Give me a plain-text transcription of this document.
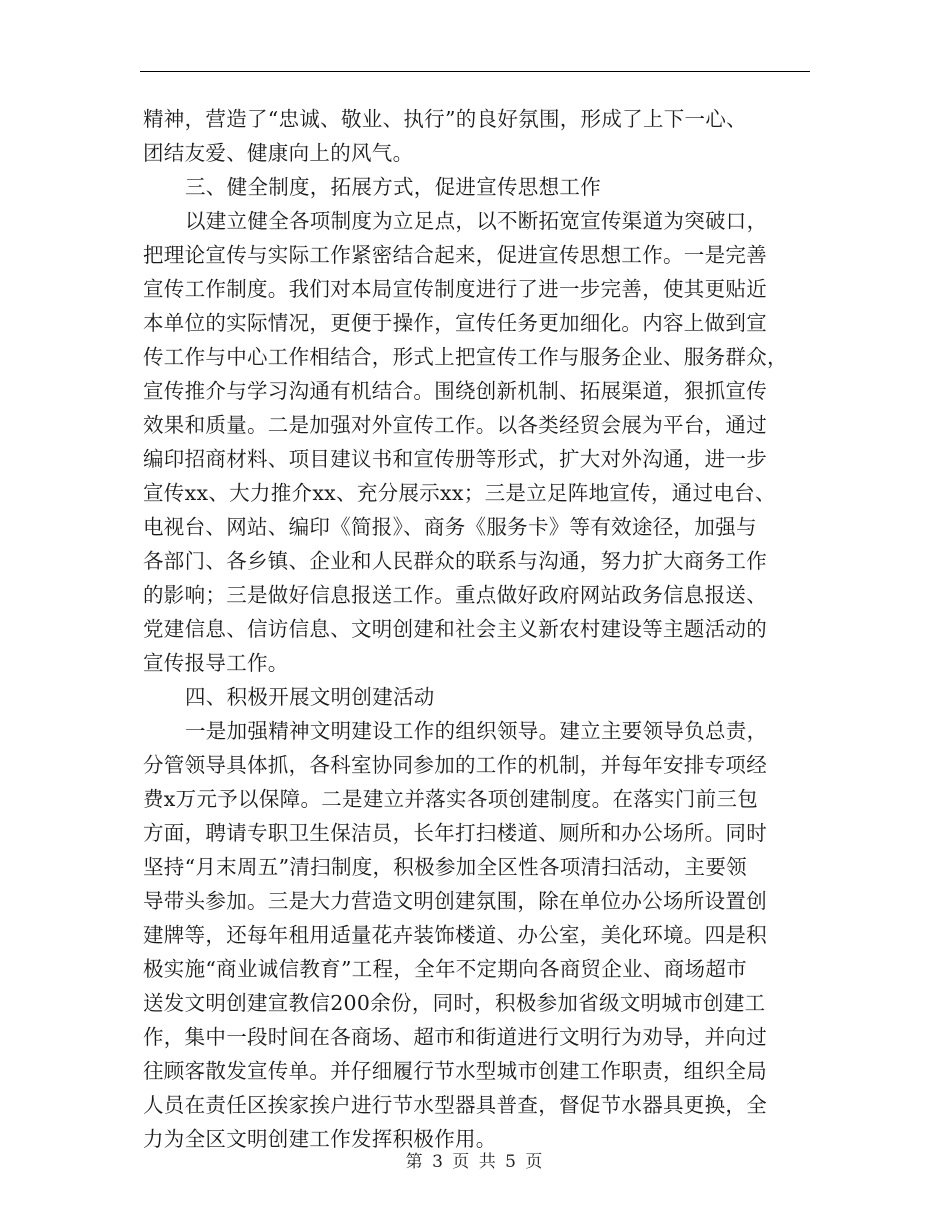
精神，营造了“忠诚、敬业、执行”的良好氛围，形成了上下一心、
团结友爱、健康向上的风气。
三、健全制度，拓展方式，促进宣传思想工作
以建立健全各项制度为立足点，以不断拓宽宣传渠道为突破口，
把理论宣传与实际工作紧密结合起来，促进宣传思想工作。一是完善
宣传工作制度。我们对本局宣传制度进行了进一步完善，使其更贴近
本单位的实际情况，更便于操作，宣传任务更加细化。内容上做到宣
传工作与中心工作相结合，形式上把宣传工作与服务企业、服务群众，
宣传推介与学习沟通有机结合。围绕创新机制、拓展渠道，狠抓宣传
效果和质量。二是加强对外宣传工作。以各类经贸会展为平台，通过
编印招商材料、项目建议书和宣传册等形式，扩大对外沟通，进一步
宣传xx、大力推介xx、充分展示xx；三是立足阵地宣传，通过电台、
电视台、网站、编印《简报》、商务《服务卡》等有效途径，加强与
各部门、各乡镇、企业和人民群众的联系与沟通，努力扩大商务工作
的影响；三是做好信息报送工作。重点做好政府网站政务信息报送、
党建信息、信访信息、文明创建和社会主义新农村建设等主题活动的
宣传报导工作。
四、积极开展文明创建活动
一是加强精神文明建设工作的组织领导。建立主要领导负总责，
分管领导具体抓，各科室协同参加的工作的机制，并每年安排专项经
费x万元予以保障。二是建立并落实各项创建制度。在落实门前三包
方面，聘请专职卫生保洁员，长年打扫楼道、厕所和办公场所。同时
坚持“月末周五”清扫制度，积极参加全区性各项清扫活动，主要领
导带头参加。三是大力营造文明创建氛围，除在单位办公场所设置创
建牌等，还每年租用适量花卉装饰楼道、办公室，美化环境。四是积
极实施“商业诚信教育”工程，全年不定期向各商贸企业、商场超市
送发文明创建宣教信200余份，同时，积极参加省级文明城市创建工
作，集中一段时间在各商场、超市和街道进行文明行为劝导，并向过
往顾客散发宣传单。并仔细履行节水型城市创建工作职责，组织全局
人员在责任区挨家挨户进行节水型器具普查，督促节水器具更换，全
力为全区文明创建工作发挥积极作用。
第 3 页 共 5 页
